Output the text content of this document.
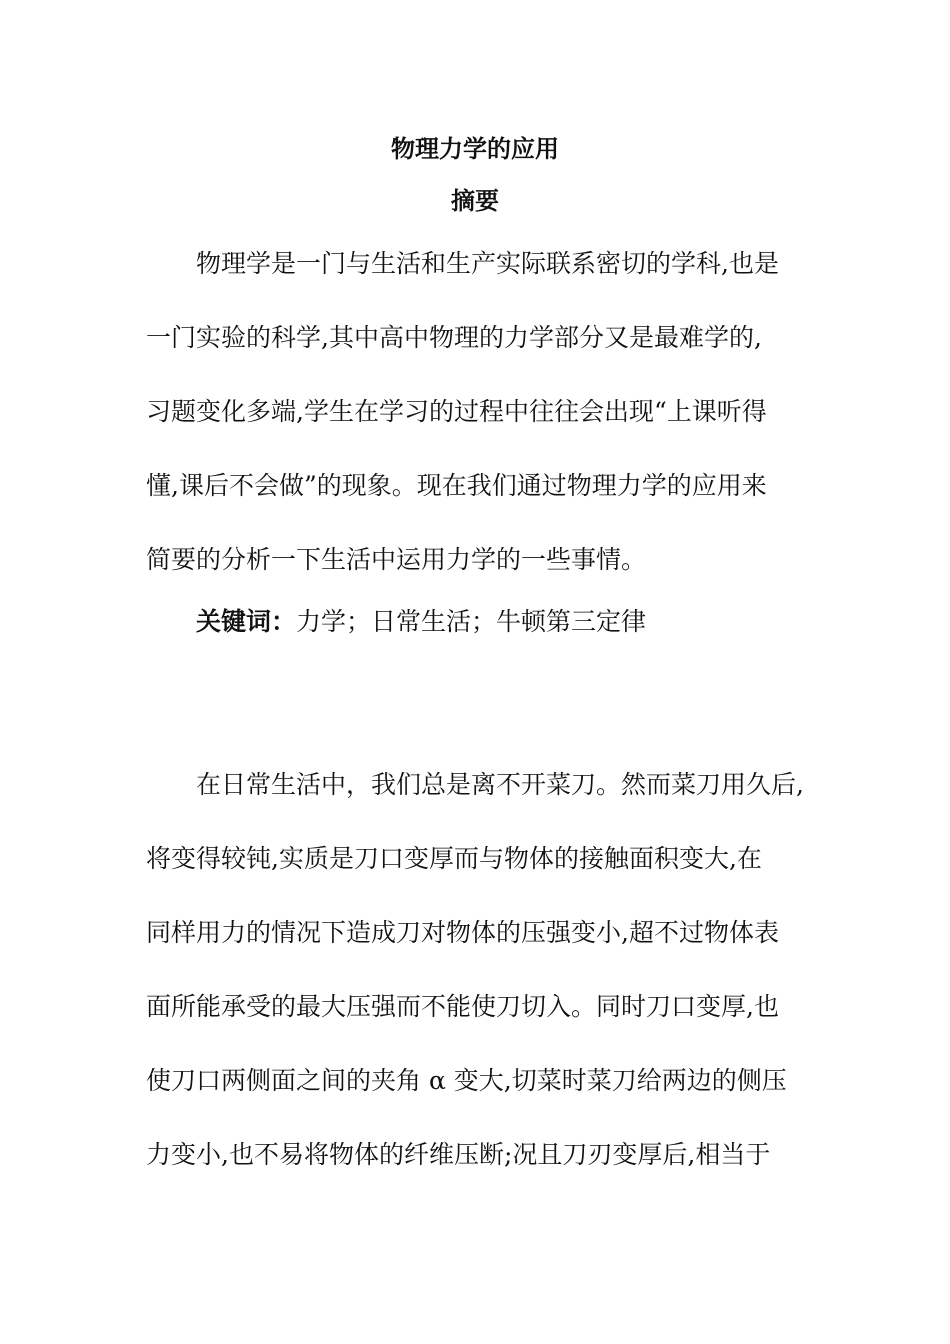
物理力学的应用
摘要
物理学是一门与生活和生产实际联系密切的学科,也是
一门实验的科学,其中高中物理的力学部分又是最难学的,
习题变化多端,学生在学习的过程中往往会出现“上课听得
懂,课后不会做”的现象。现在我们通过物理力学的应用来
简要的分析一下生活中运用力学的一些事情。
关键词：力学；日常生活；牛顿第三定律
在日常生活中，我们总是离不开菜刀。然而菜刀用久后,
将变得较钝,实质是刀口变厚而与物体的接触面积变大,在
同样用力的情况下造成刀对物体的压强变小,超不过物体表
面所能承受的最大压强而不能使刀切入。同时刀口变厚,也
使刀口两侧面之间的夹角 α 变大,切菜时菜刀给两边的侧压
力变小,也不易将物体的纤维压断;况且刀刃变厚后,相当于
